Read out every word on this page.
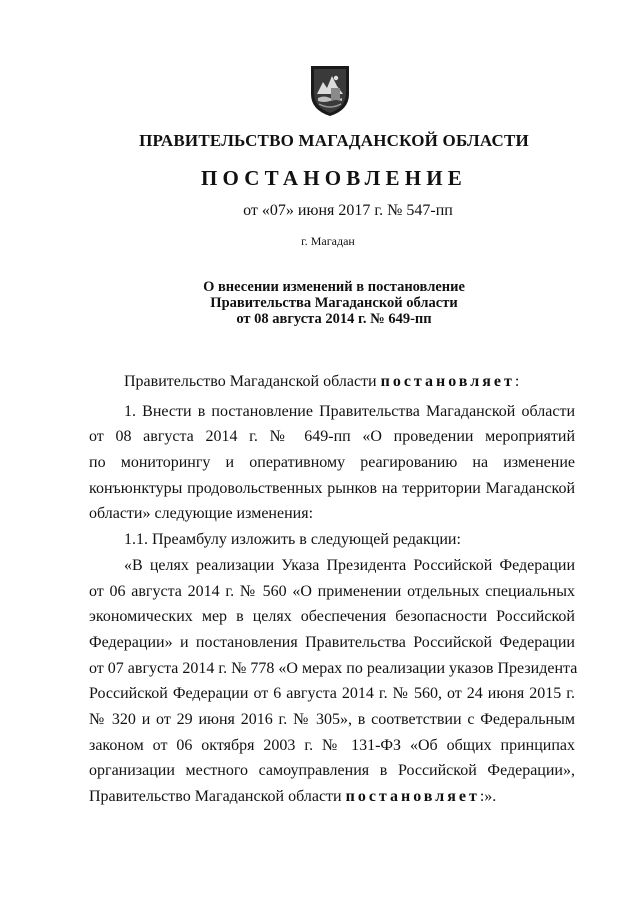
ПРАВИТЕЛЬСТВО МАГАДАНСКОЙ ОБЛАСТИ
ПОСТАНОВЛЕНИЕ
от «07» июня 2017 г. № 547-пп
г. Магадан
О внесении изменений в постановление
Правительства Магаданской области
от 08 августа 2014 г. № 649-пп
Правительство Магаданской области постановляет:
1. Внести в постановление Правительства Магаданской области
от 08 августа 2014 г. № 649-пп «О проведении мероприятий
по мониторингу и оперативному реагированию на изменение
конъюнктуры продовольственных рынков на территории Магаданской
области» следующие изменения:
1.1. Преамбулу изложить в следующей редакции:
«В целях реализации Указа Президента Российской Федерации
от 06 августа 2014 г. № 560 «О применении отдельных специальных
экономических мер в целях обеспечения безопасности Российской
Федерации» и постановления Правительства Российской Федерации
от 07 августа 2014 г. № 778 «О мерах по реализации указов Президента
Российской Федерации от 6 августа 2014 г. № 560, от 24 июня 2015 г.
№ 320 и от 29 июня 2016 г. № 305», в соответствии с Федеральным
законом от 06 октября 2003 г. № 131-ФЗ «Об общих принципах
организации местного самоуправления в Российской Федерации»,
Правительство Магаданской области постановляет:».
